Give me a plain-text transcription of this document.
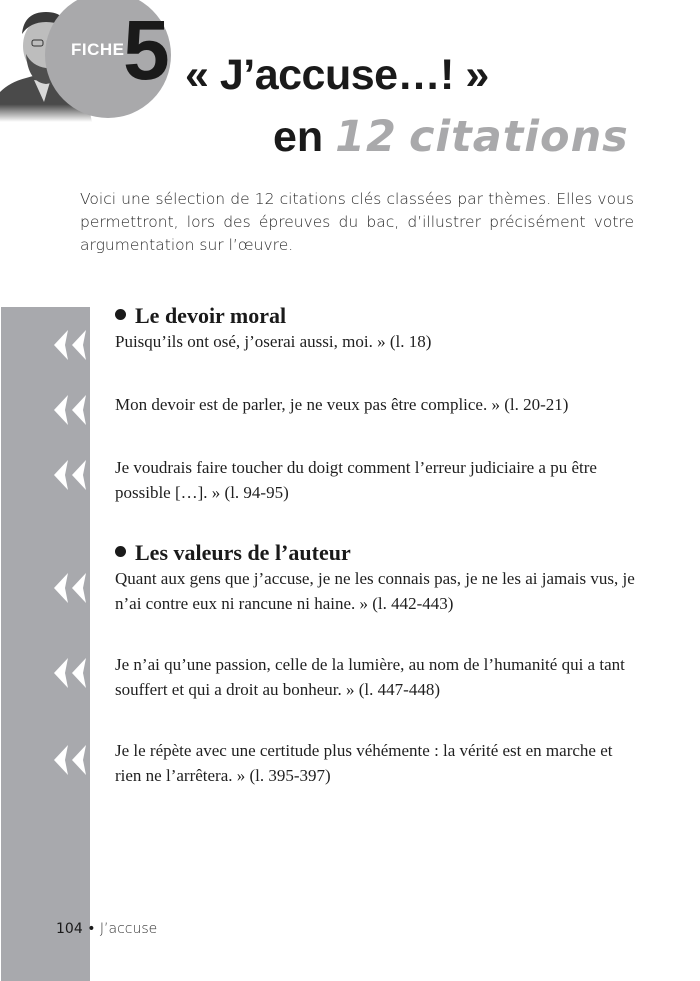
FICHE
5 « J’accuse…! »
en 12 citations
Voici une sélection de 12 citations clés classées par thèmes. Elles vous permettront, lors des épreuves du bac, d’illustrer précisément votre argumentation sur l’œuvre.
Le devoir moral
Puisqu’ils ont osé, j’oserai aussi, moi. » (l. 18)
Mon devoir est de parler, je ne veux pas être complice. » (l. 20-21)
Je voudrais faire toucher du doigt comment l’erreur judiciaire a pu être possible […]. » (l. 94-95)
Les valeurs de l’auteur
Quant aux gens que j’accuse, je ne les connais pas, je ne les ai jamais vus, je n’ai contre eux ni rancune ni haine. » (l. 442-443)
Je n’ai qu’une passion, celle de la lumière, au nom de l’humanité qui a tant souffert et qui a droit au bonheur. » (l. 447-448)
Je le répète avec une certitude plus véhémente : la vérité est en marche et rien ne l’arrêtera. » (l. 395-397)
104 • J’accuse
